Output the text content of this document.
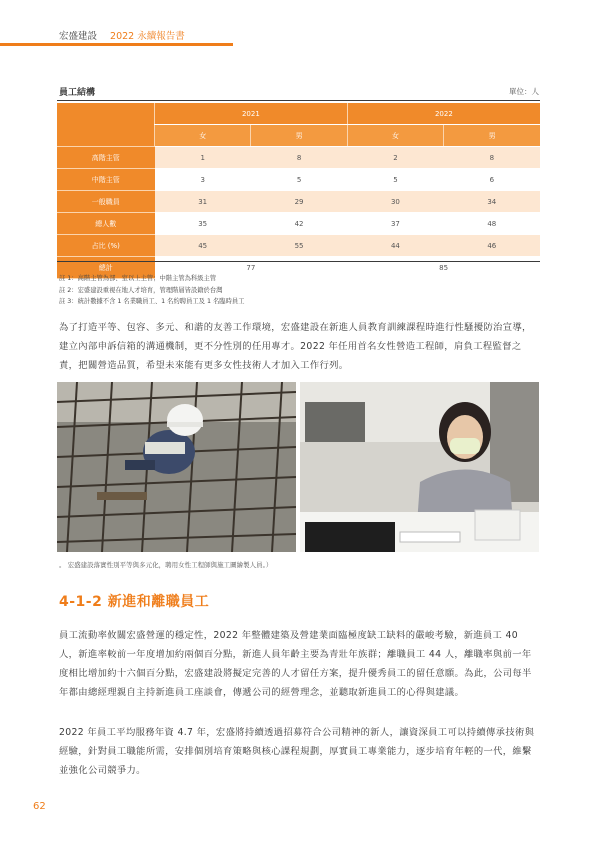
宏盛建設 2022 永續報告書
員工結構	單位：人
	2021		2022	
	女	男	女	男
高階主管	1	8	2	8
中階主管	3	5	5	6
一般職員	31	29	30	34
總人數	35	42	37	48
占比 (%)	45	55	44	46
總計	77		85	
註 1：高階主管為部、室以上主管；中階主管為科級主管
註 2：宏盛建設重視在地人才培育，管理階層皆設籍於台灣
註 3：統計數據不含 1 名業職員工、1 名約聘員工及 1 名臨時員工
為了打造平等、包容、多元、和諧的友善工作環境，宏盛建設在新進人員教育訓練課程時進行性騷擾防治宣導，建立內部申訴信箱的溝通機制，更不分性別的任用專才。2022 年任用首名女性營造工程師，肩負工程監督之責，把關營造品質，希望未來能有更多女性技術人才加入工作行列。
。 宏盛建設落實性別平等與多元化，聘用女性工程師與施工圖繪製人員。）
4-1-2 新進和離職員工
員工流動率攸關宏盛營運的穩定性，2022 年整體建築及營建業面臨極度缺工缺料的嚴峻考驗，新進員工 40 人，新進率較前一年度增加約兩個百分點，新進人員年齡主要為青壯年族群；離職員工 44 人，離職率與前一年度相比增加約十六個百分點，宏盛建設將擬定完善的人才留任方案，提升優秀員工的留任意願。為此，公司每半年都由總經理親自主持新進員工座談會，傳遞公司的經營理念，並聽取新進員工的心得與建議。
2022 年員工平均服務年資 4.7 年，宏盛將持續透過招募符合公司精神的新人，讓資深員工可以持續傳承技術與經驗，針對員工職能所需，安排個別培育策略與核心課程規劃，厚實員工專業能力，逐步培育年輕的一代，維繫並強化公司競爭力。
62
